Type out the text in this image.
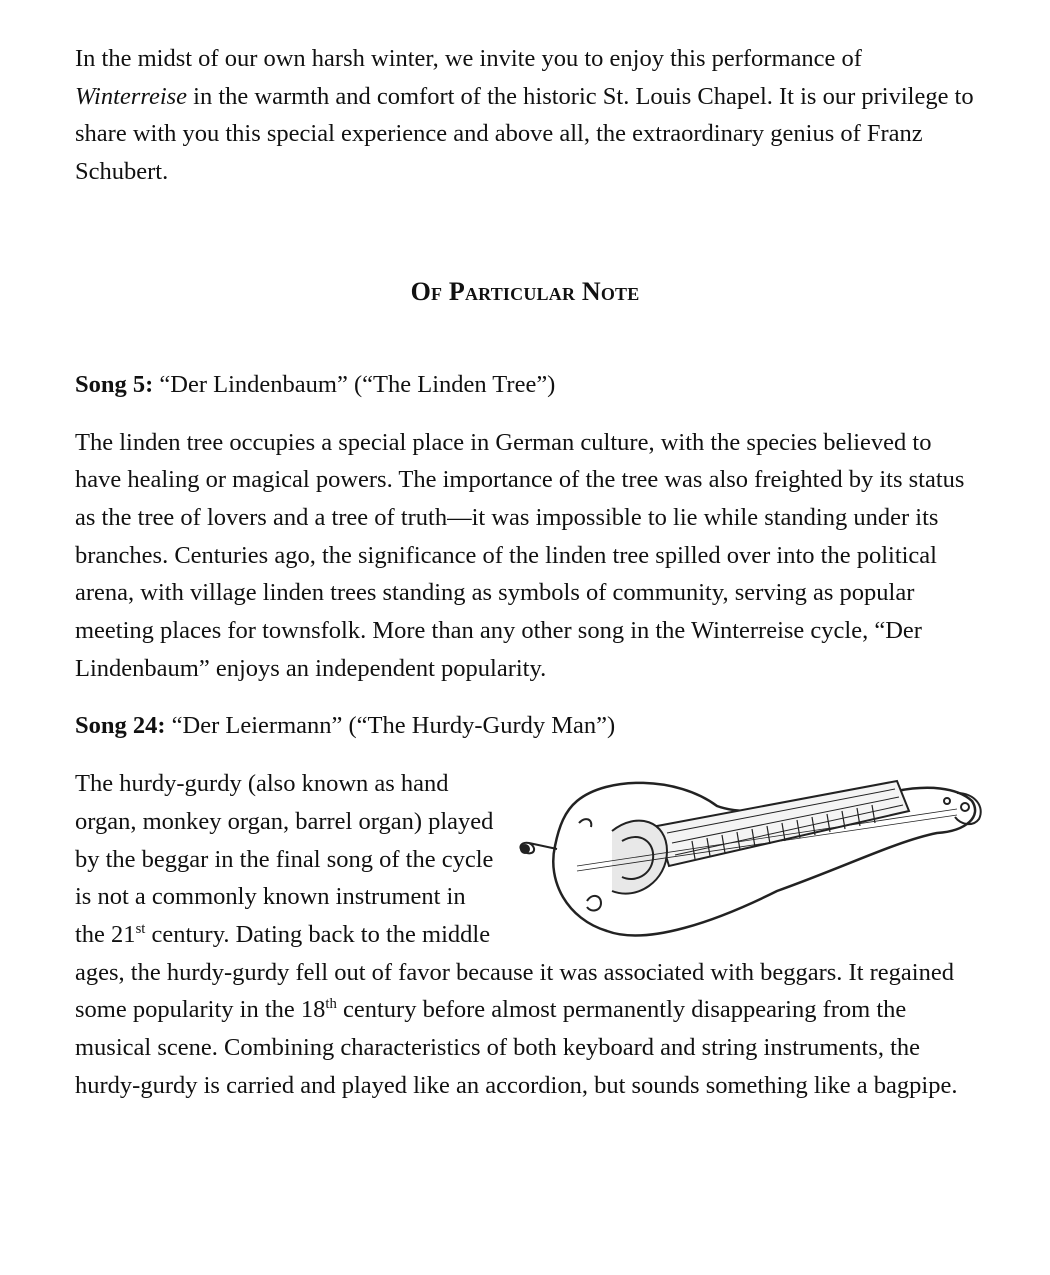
In the midst of our own harsh winter, we invite you to enjoy this performance of Winterreise in the warmth and comfort of the historic St. Louis Chapel. It is our privilege to share with you this special experience and above all, the extraordinary genius of Franz Schubert.

Of Particular Note

Song 5: “Der Lindenbaum” (“The Linden Tree”)

The linden tree occupies a special place in German culture, with the species believed to have healing or magical powers. The importance of the tree was also freighted by its status as the tree of lovers and a tree of truth—it was impossible to lie while standing under its branches. Centuries ago, the significance of the linden tree spilled over into the political arena, with village linden trees standing as symbols of community, serving as popular meeting places for townsfolk. More than any other song in the Winterreise cycle, “Der Lindenbaum” enjoys an independent popularity.

Song 24: “Der Leiermann” (“The Hurdy-Gurdy Man”)

The hurdy-gurdy (also known as hand organ, monkey organ, barrel organ) played by the beggar in the final song of the cycle is not a commonly known instrument in the 21st century. Dating back to the middle ages, the hurdy-gurdy fell out of favor because it was associated with beggars. It regained some popularity in the 18th century before almost permanently disappearing from the musical scene. Combining characteristics of both keyboard and string instruments, the hurdy-gurdy is carried and played like an accordion, but sounds something like a bagpipe.
